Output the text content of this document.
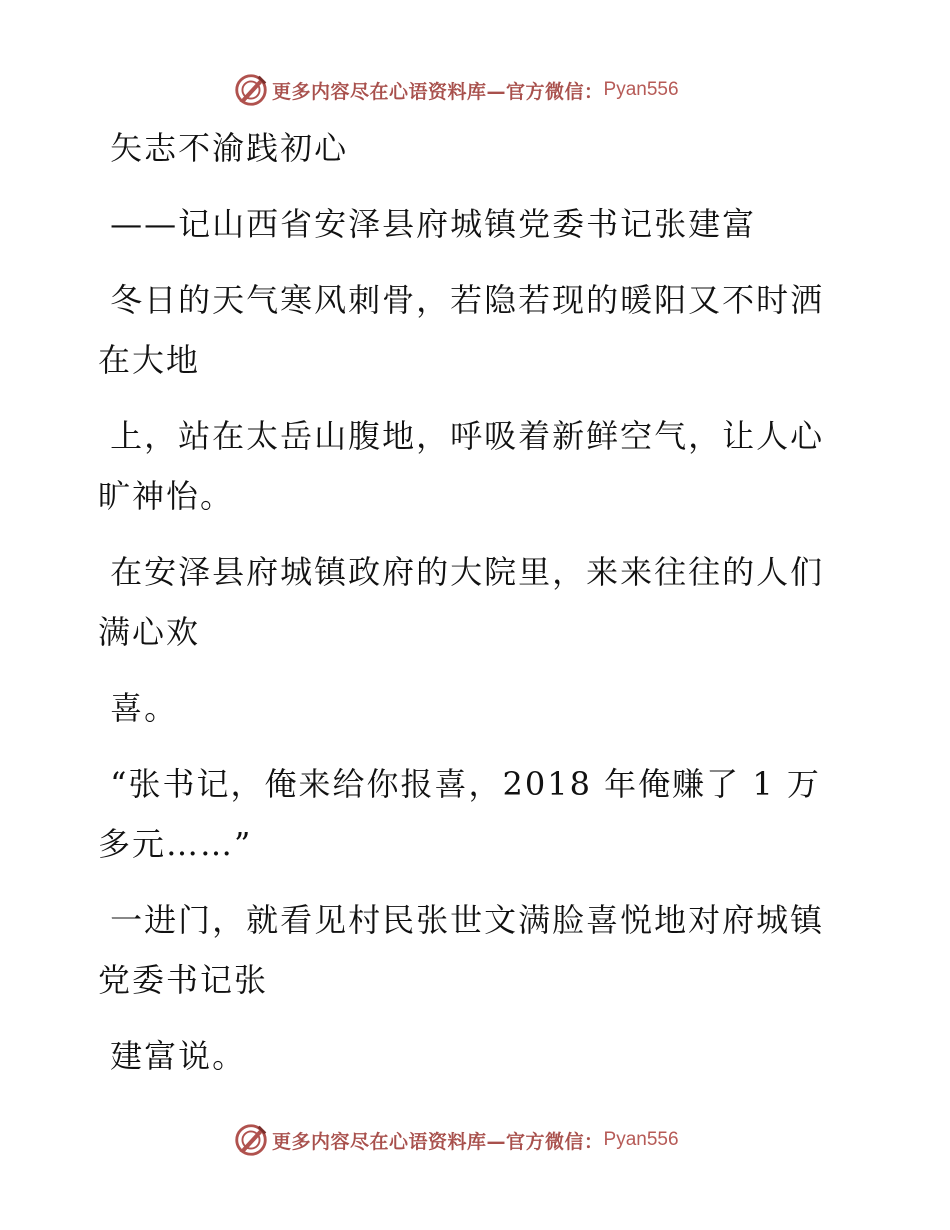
更多内容尽在心语资料库—官方微信： Pyan556

矢志不渝践初心

——记山西省安泽县府城镇党委书记张建富

冬日的天气寒风刺骨，若隐若现的暖阳又不时洒在大地

上，站在太岳山腹地，呼吸着新鲜空气，让人心旷神怡。

在安泽县府城镇政府的大院里，来来往往的人们满心欢

喜。

“张书记，俺来给你报喜，2018 年俺赚了 1 万多元……”

一进门，就看见村民张世文满脸喜悦地对府城镇党委书记张

建富说。

更多内容尽在心语资料库—官方微信： Pyan556
